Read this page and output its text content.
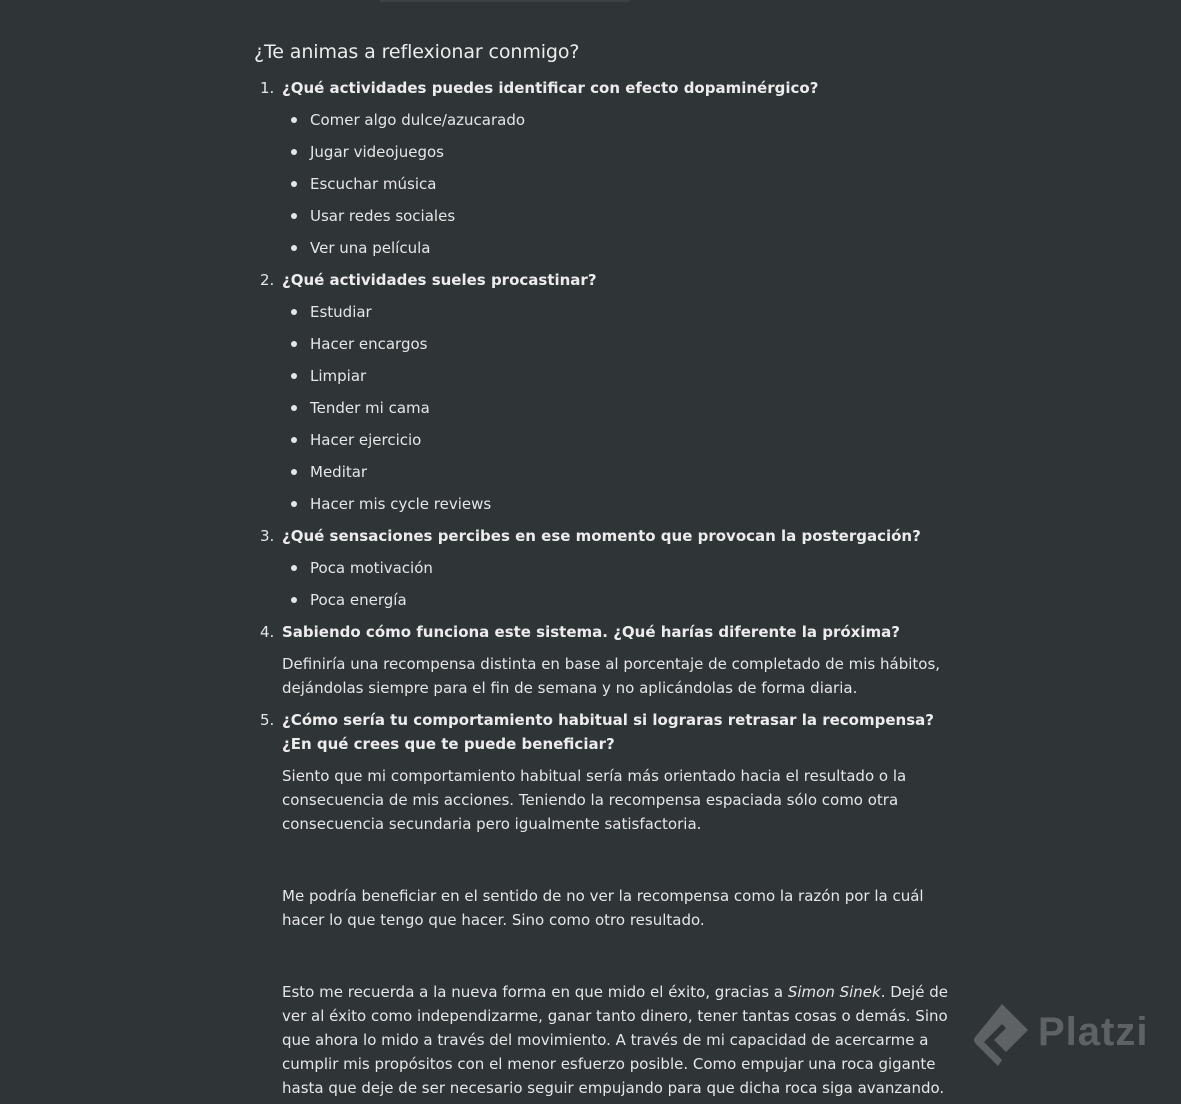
¿Te animas a reflexionar conmigo?
1. ¿Qué actividades puedes identificar con efecto dopaminérgico?
Comer algo dulce/azucarado
Jugar videojuegos
Escuchar música
Usar redes sociales
Ver una película
2. ¿Qué actividades sueles procastinar?
Estudiar
Hacer encargos
Limpiar
Tender mi cama
Hacer ejercicio
Meditar
Hacer mis cycle reviews
3. ¿Qué sensaciones percibes en ese momento que provocan la postergación?
Poca motivación
Poca energía
4. Sabiendo cómo funciona este sistema. ¿Qué harías diferente la próxima?

Definiría una recompensa distinta en base al porcentaje de completado de mis hábitos, dejándolas siempre para el fin de semana y no aplicándolas de forma diaria.

5. ¿Cómo sería tu comportamiento habitual si lograras retrasar la recompensa? ¿En qué crees que te puede beneficiar?

Siento que mi comportamiento habitual sería más orientado hacia el resultado o la consecuencia de mis acciones. Teniendo la recompensa espaciada sólo como otra consecuencia secundaria pero igualmente satisfactoria.

Me podría beneficiar en el sentido de no ver la recompensa como la razón por la cuál hacer lo que tengo que hacer. Sino como otro resultado.

Esto me recuerda a la nueva forma en que mido el éxito, gracias a Simon Sinek. Dejé de ver al éxito como independizarme, ganar tanto dinero, tener tantas cosas o demás. Sino que ahora lo mido a través del movimiento. A través de mi capacidad de acercarme a cumplir mis propósitos con el menor esfuerzo posible. Como empujar una roca gigante hasta que deje de ser necesario seguir empujando para que dicha roca siga avanzando.

Platzi
